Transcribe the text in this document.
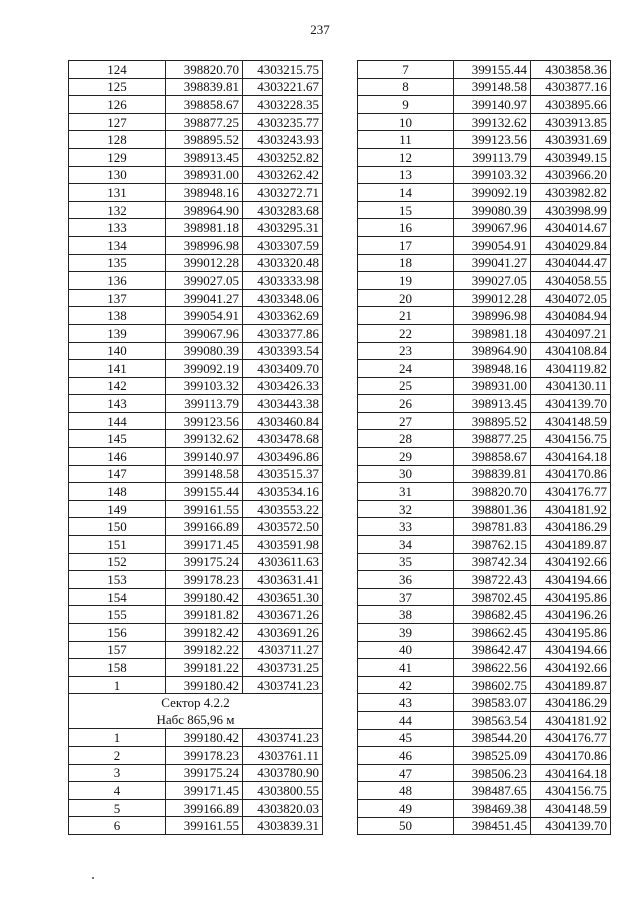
237
124	398820.70	4303215.75
125	398839.81	4303221.67
126	398858.67	4303228.35
127	398877.25	4303235.77
128	398895.52	4303243.93
129	398913.45	4303252.82
130	398931.00	4303262.42
131	398948.16	4303272.71
132	398964.90	4303283.68
133	398981.18	4303295.31
134	398996.98	4303307.59
135	399012.28	4303320.48
136	399027.05	4303333.98
137	399041.27	4303348.06
138	399054.91	4303362.69
139	399067.96	4303377.86
140	399080.39	4303393.54
141	399092.19	4303409.70
142	399103.32	4303426.33
143	399113.79	4303443.38
144	399123.56	4303460.84
145	399132.62	4303478.68
146	399140.97	4303496.86
147	399148.58	4303515.37
148	399155.44	4303534.16
149	399161.55	4303553.22
150	399166.89	4303572.50
151	399171.45	4303591.98
152	399175.24	4303611.63
153	399178.23	4303631.41
154	399180.42	4303651.30
155	399181.82	4303671.26
156	399182.42	4303691.26
157	399182.22	4303711.27
158	399181.22	4303731.25
1	399180.42	4303741.23

Сектор 4.2.2
Набс 865,96 м		

1	399180.42	4303741.23
2	399178.23	4303761.11
3	399175.24	4303780.90
4	399171.45	4303800.55
5	399166.89	4303820.03
6	399161.55	4303839.31
7	399155.44	4303858.36
8	399148.58	4303877.16
9	399140.97	4303895.66
10	399132.62	4303913.85
11	399123.56	4303931.69
12	399113.79	4303949.15
13	399103.32	4303966.20
14	399092.19	4303982.82
15	399080.39	4303998.99
16	399067.96	4304014.67
17	399054.91	4304029.84
18	399041.27	4304044.47
19	399027.05	4304058.55
20	399012.28	4304072.05
21	398996.98	4304084.94
22	398981.18	4304097.21
23	398964.90	4304108.84
24	398948.16	4304119.82
25	398931.00	4304130.11
26	398913.45	4304139.70
27	398895.52	4304148.59
28	398877.25	4304156.75
29	398858.67	4304164.18
30	398839.81	4304170.86
31	398820.70	4304176.77
32	398801.36	4304181.92
33	398781.83	4304186.29
34	398762.15	4304189.87
35	398742.34	4304192.66
36	398722.43	4304194.66
37	398702.45	4304195.86
38	398682.45	4304196.26
39	398662.45	4304195.86
40	398642.47	4304194.66
41	398622.56	4304192.66
42	398602.75	4304189.87
43	398583.07	4304186.29
44	398563.54	4304181.92
45	398544.20	4304176.77
46	398525.09	4304170.86
47	398506.23	4304164.18
48	398487.65	4304156.75
49	398469.38	4304148.59
50	398451.45	4304139.70
